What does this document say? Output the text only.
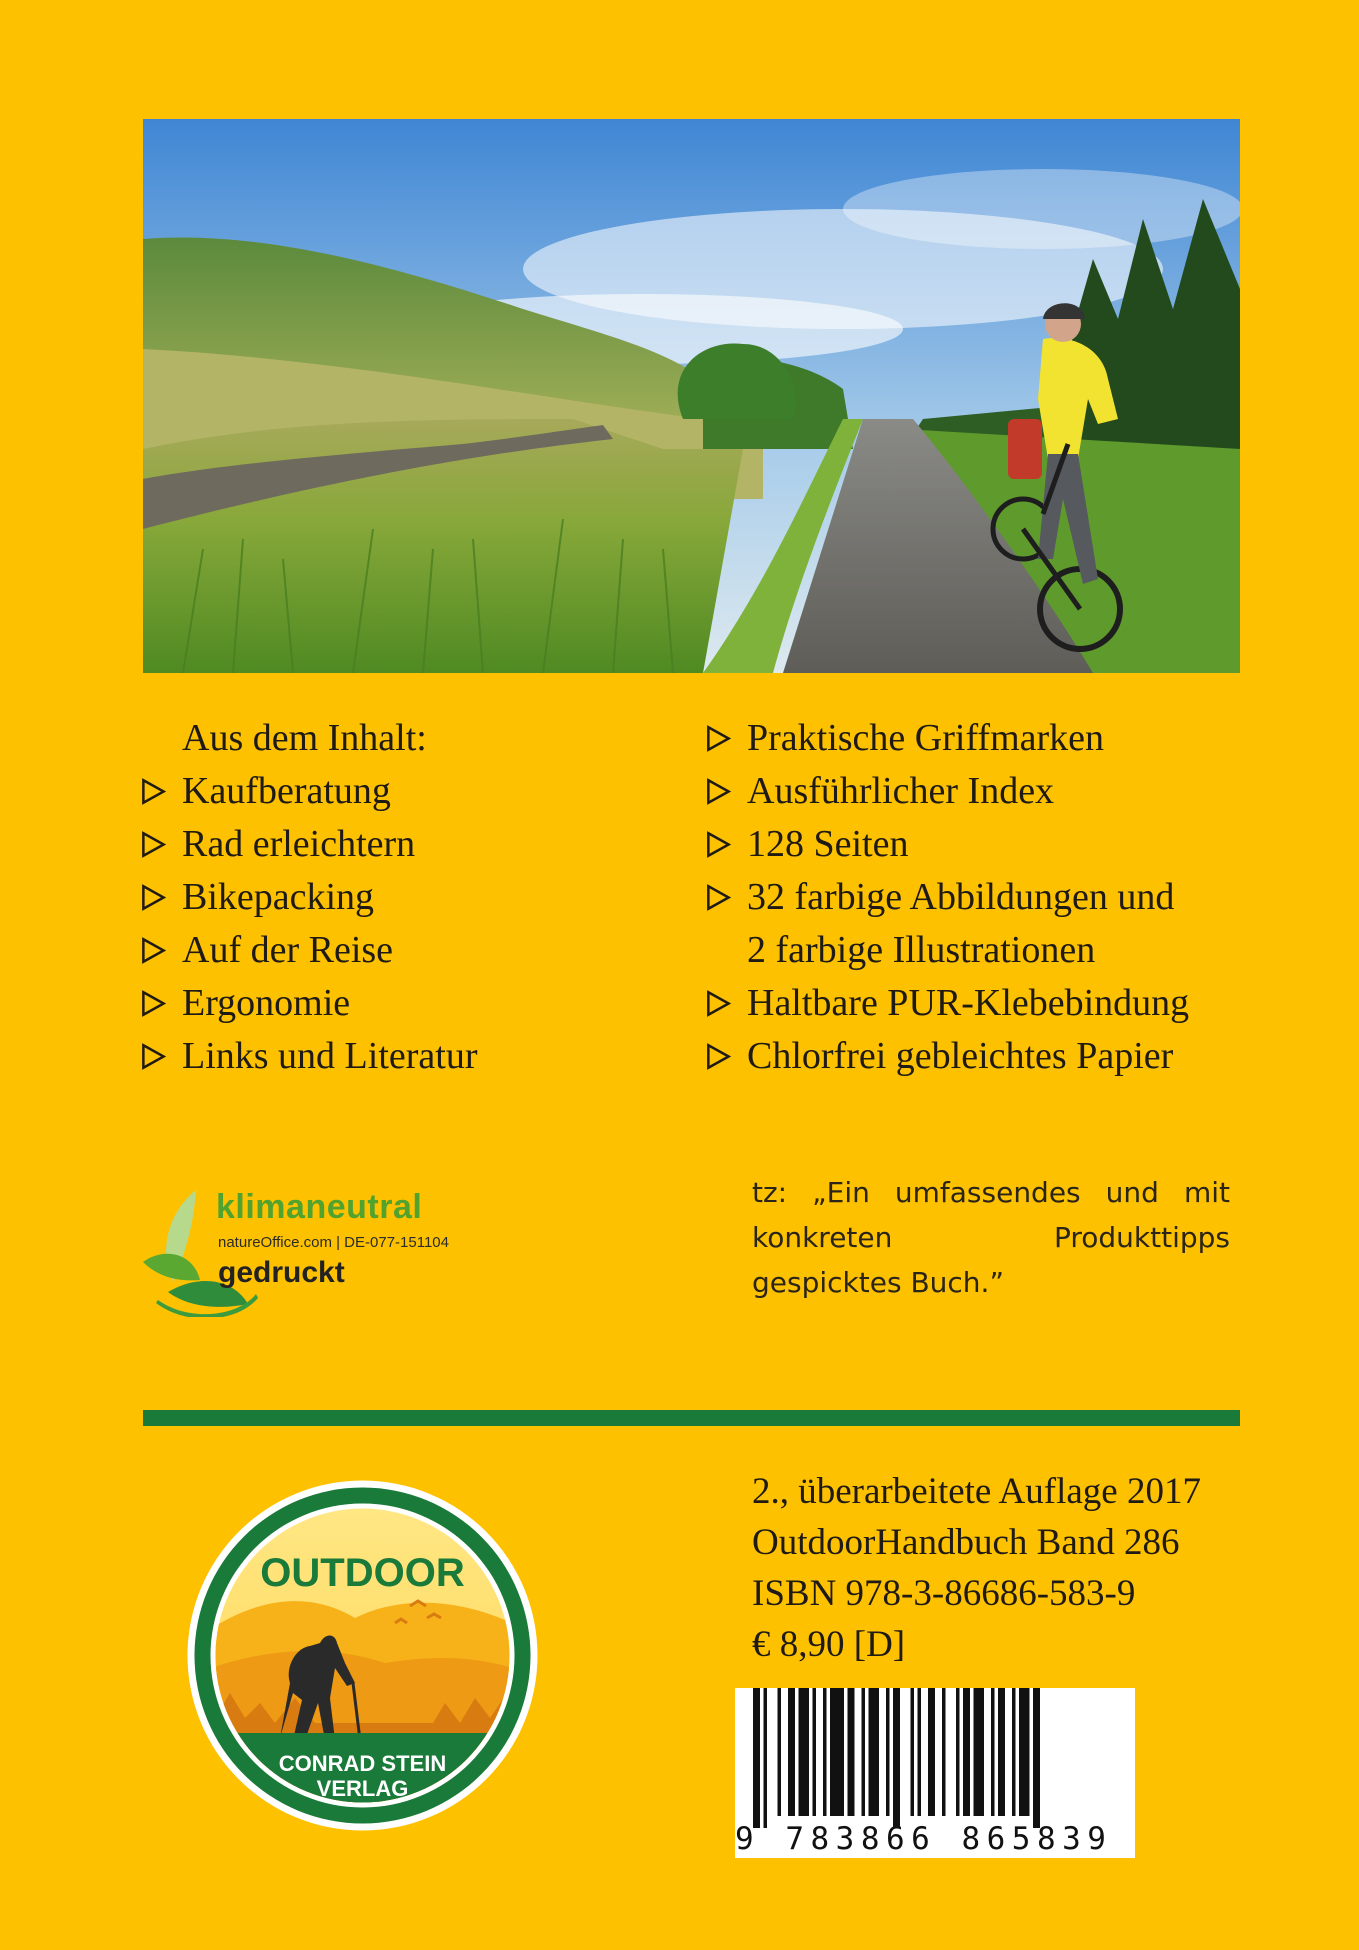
Aus dem Inhalt:
Kaufberatung
Rad erleichtern
Bikepacking
Auf der Reise
Ergonomie
Links und Literatur
Praktische Griffmarken
Ausführlicher Index
128 Seiten
32 farbige Abbildungen und
2 farbige Illustrationen
Haltbare PUR-Klebebindung
Chlorfrei gebleichtes Papier
klimaneutral
natureOffice.com | DE-077-151104
gedruckt
tz: „Ein umfassendes und mit konkreten Produkttipps gespicktes Buch.”
OUTDOOR
CONRAD STEIN
VERLAG
2., überarbeitete Auflage 2017
OutdoorHandbuch Band 286
ISBN 978-3-86686-583-9
€ 8,90 [D]
9 783866 865839
